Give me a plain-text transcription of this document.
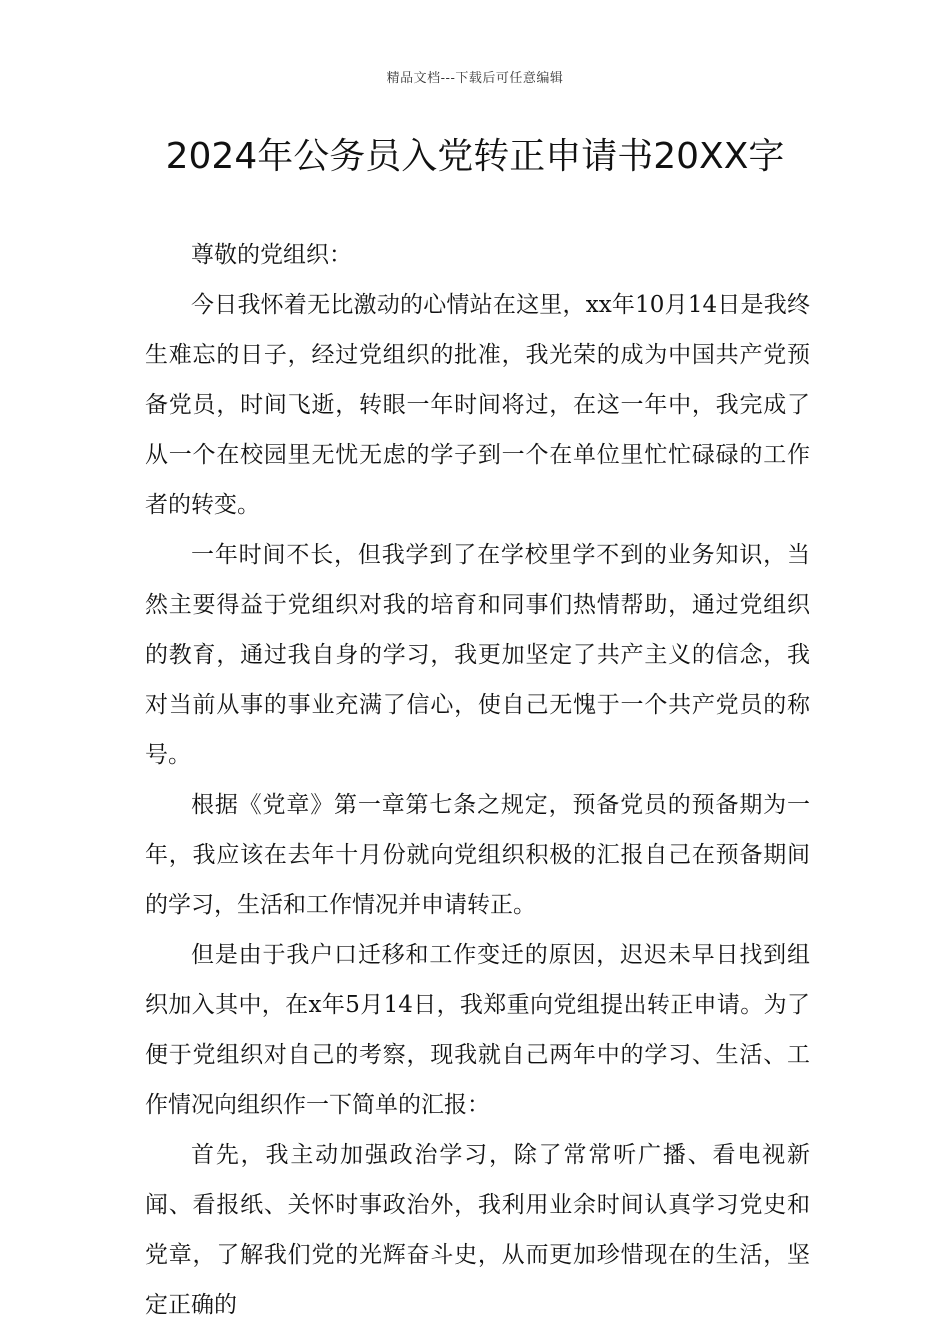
精品文档---下载后可任意编辑
2024年公务员入党转正申请书20XX字

尊敬的党组织：

今日我怀着无比激动的心情站在这里，xx年10月14日是我终生难忘的日子，经过党组织的批准，我光荣的成为中国共产党预备党员，时间飞逝，转眼一年时间将过，在这一年中，我完成了从一个在校园里无忧无虑的学子到一个在单位里忙忙碌碌的工作者的转变。

一年时间不长，但我学到了在学校里学不到的业务知识，当然主要得益于党组织对我的培育和同事们热情帮助，通过党组织的教育，通过我自身的学习，我更加坚定了共产主义的信念，我对当前从事的事业充满了信心，使自己无愧于一个共产党员的称号。

根据《党章》第一章第七条之规定，预备党员的预备期为一年，我应该在去年十月份就向党组织积极的汇报自己在预备期间的学习，生活和工作情况并申请转正。

但是由于我户口迁移和工作变迁的原因，迟迟未早日找到组织加入其中，在x年5月14日，我郑重向党组提出转正申请。为了便于党组织对自己的考察，现我就自己两年中的学习、生活、工作情况向组织作一下简单的汇报：

首先，我主动加强政治学习，除了常常听广播、看电视新闻、看报纸、关怀时事政治外，我利用业余时间认真学习党史和党章，了解我们党的光辉奋斗史，从而更加珍惜现在的生活，坚定正确的
